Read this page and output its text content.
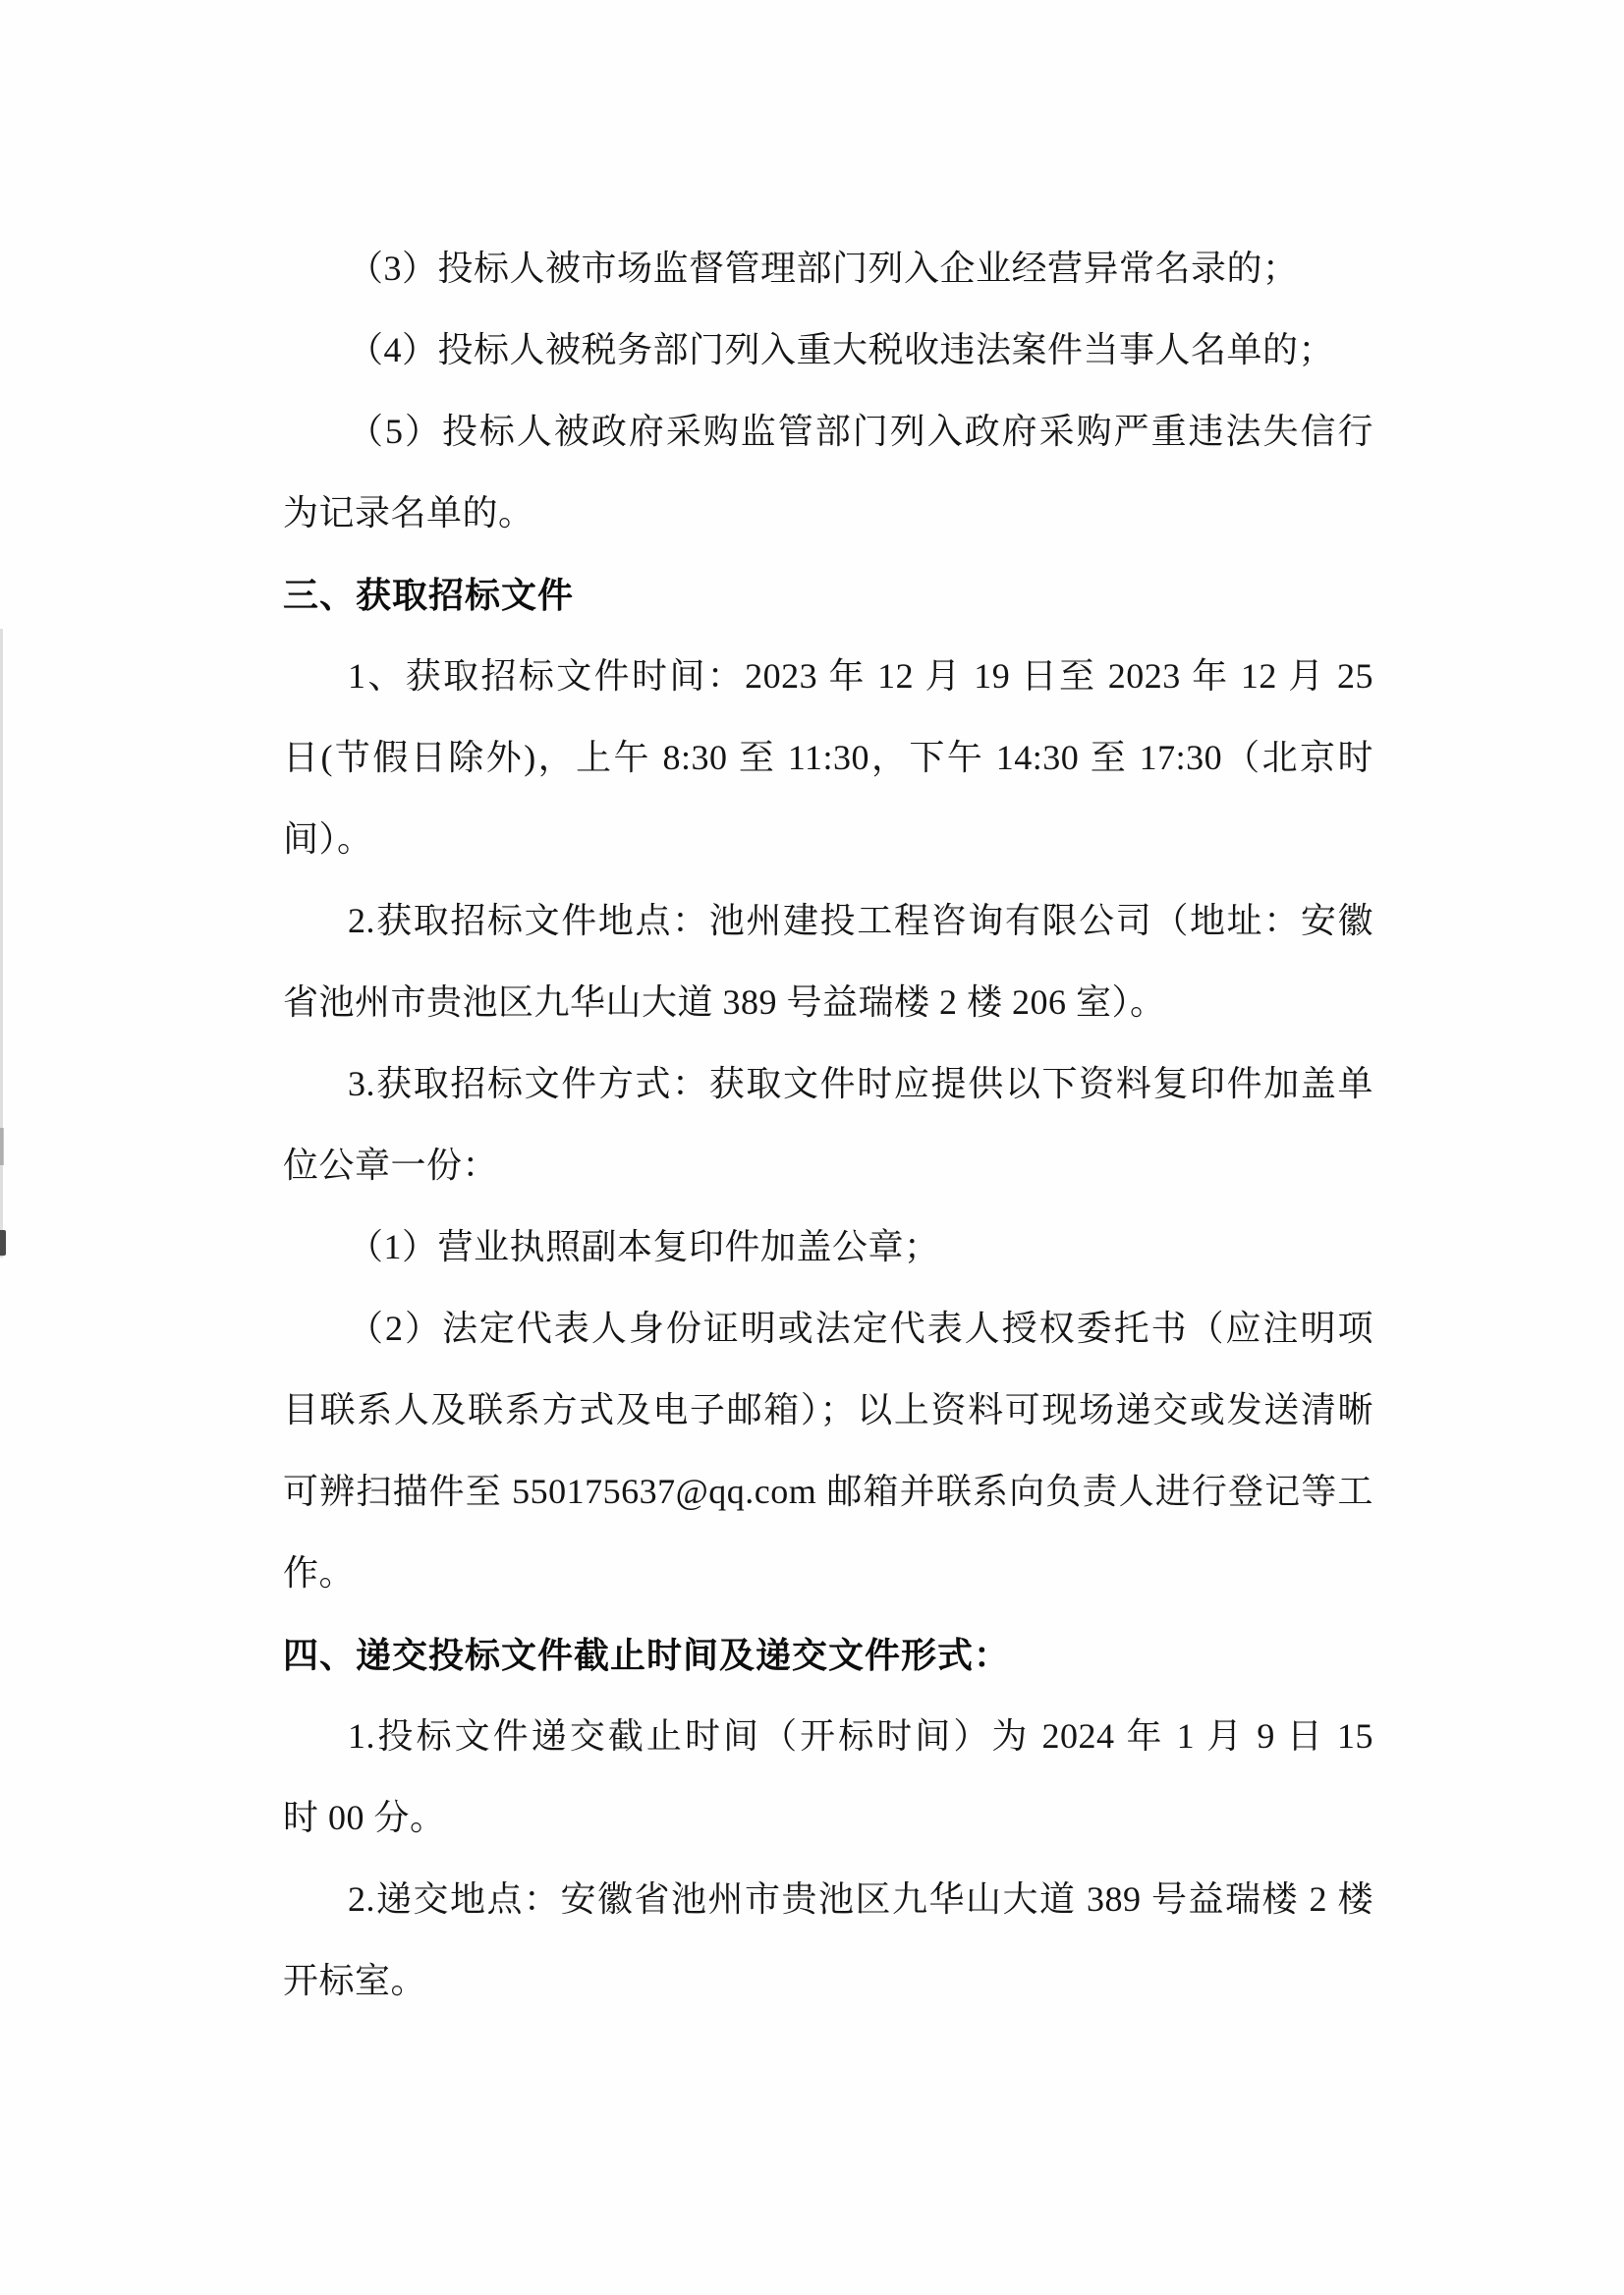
（3）投标人被市场监督管理部门列入企业经营异常名录的；
（4）投标人被税务部门列入重大税收违法案件当事人名单的；
（5）投标人被政府采购监管部门列入政府采购严重违法失信行
为记录名单的。
三、获取招标文件
1、获取招标文件时间：2023 年 12 月 19 日至 2023 年 12 月 25
日(节假日除外)，上午 8:30 至 11:30，下午 14:30 至 17:30（北京时
间）。
2.获取招标文件地点：池州建投工程咨询有限公司（地址：安徽
省池州市贵池区九华山大道 389 号益瑞楼 2 楼 206 室）。
3.获取招标文件方式：获取文件时应提供以下资料复印件加盖单
位公章一份：
（1）营业执照副本复印件加盖公章；
（2）法定代表人身份证明或法定代表人授权委托书（应注明项
目联系人及联系方式及电子邮箱）；以上资料可现场递交或发送清晰
可辨扫描件至 550175637@qq.com 邮箱并联系向负责人进行登记等工
作。
四、递交投标文件截止时间及递交文件形式：
1.投标文件递交截止时间（开标时间）为 2024 年 1 月 9 日 15
时 00 分。
2.递交地点：安徽省池州市贵池区九华山大道 389 号益瑞楼 2 楼
开标室。
